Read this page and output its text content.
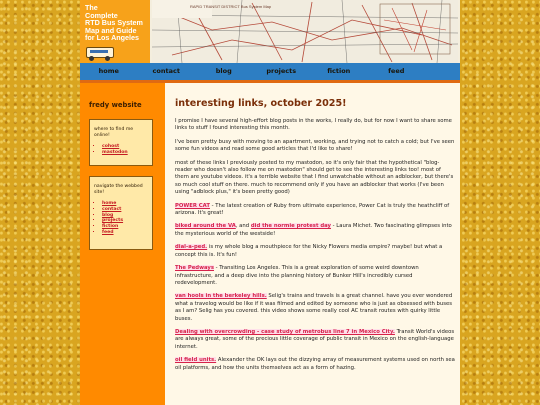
The
Complete
RTD Bus System
Map and Guide
for Los Angeles
RAPID TRANSIT DISTRICT Bus System Map
home	contact	blog	projects	fiction	feed
fredy website
where to find me online!
▪ cohost
▪ mastodon
navigate the webbed site!
▪ home
▪ contact
▪ blog
▪ projects
▪ fiction
▪ feed
interesting links, october 2025!

I promise I have several high-effort blog posts in the works, I really do, but for now I want to share some links to stuff I found interesting this month.

I've been pretty busy with moving to an apartment, working, and trying not to catch a cold; but I've seen some fun videos and read some good articles that I'd like to share!

most of these links I previously posted to my mastodon, so it's only fair that the hypothetical "blog-reader who doesn't also follow me on mastodon" should get to see the interesting links too! most of them are youtube videos. it's a terrible website that I find unwatchable without an adblocker, but there's so much cool stuff on there. much to recommend only if you have an adblocker that works (I've been using "adblock plus," it's been pretty good)

POWER CAT - The latest creation of Ruby from ultimate experience, Power Cat is truly the heathcliff of arizona. It's great!

biked around the VA, and did the normie protest day - Laura Michet. Two fascinating glimpses into the mysterious world of the westside!

dial-a-ped. is my whole blog a mouthpiece for the Nicky Flowers media empire? maybe! but what a concept this is. It's fun!

The Pedways - Transiting Los Angeles. This is a great exploration of some weird downtown infrastructure, and a deep dive into the planning history of Bunker Hill's incredibly cursed redevelopment.

van hools in the berkeley hills. Selig's trains and travels is a great channel. have you ever wondered what a travelog would be like if it was filmed and edited by someone who is just as obsessed with buses as I am? Selig has you covered. this video shows some really cool AC transit routes with quirky little buses.

Dealing with overcrowding - case study of metrobus line 7 in Mexico City. Transit World's videos are always great, some of the precious little coverage of public transit in Mexico on the english-language internet.

oil field units. Alexander the OK lays out the dizzying array of measurement systems used on north sea oil platforms, and how the units themselves act as a form of hazing.
